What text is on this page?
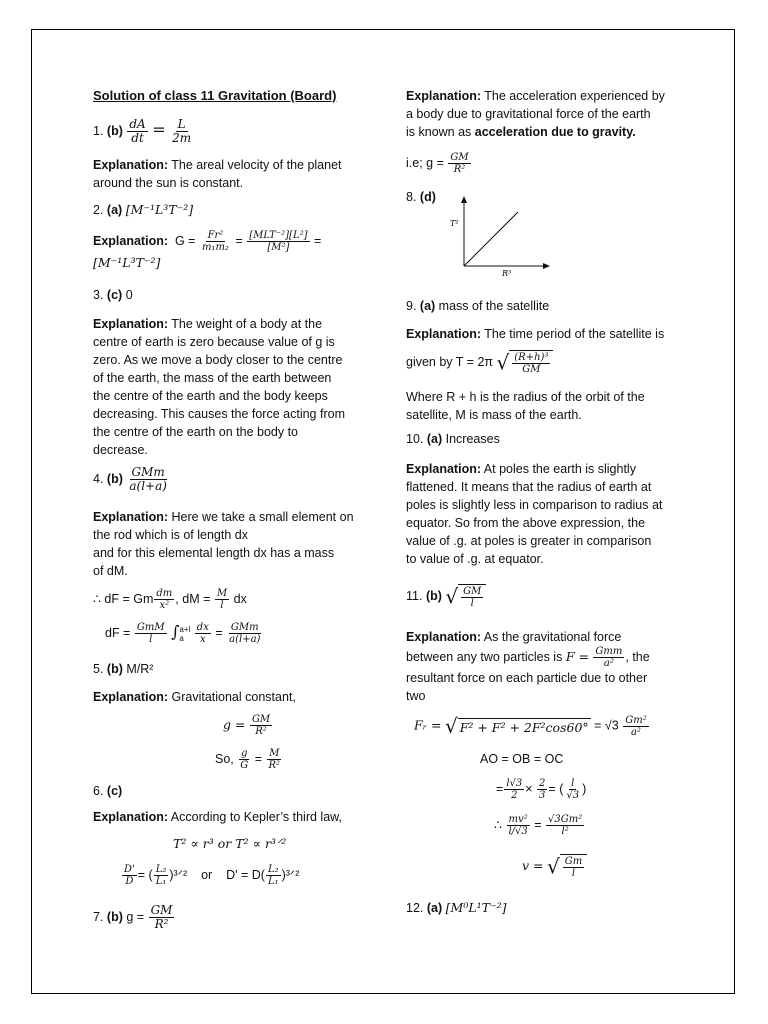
Solution of class 11 Gravitation (Board)
1. $(b) \frac{dA}{dt} = \frac{L}{2m}$

Explanation: The areal velocity of the planet

around the sun is constant.

2. (a) [M⁻¹L³T⁻²]
Explanation: $G = \frac{\text{Fr²}}{\text{m₁m₂}} = \frac{\text{[MLT⁻²][L²]}}{\text{[M²]}}$ =
[M⁻¹L³T⁻²]
3. (c) 0

Explanation: The weight of a body at the

centre of earth is zero because value of g is

zero. As we move a body closer to the centre

of the earth, the mass of the earth between

the centre of the earth and the body keeps

decreasing. This causes the force acting from

the centre of the earth on the body to

decrease.

4. $(b) \frac{\text{GMm}}{a(l+a)}$

Explanation: Here we take a small element on

the rod which is of length dx

and for this elemental length dx has a mass

of dM.

∴ dF = Gm $\frac{dm}{\text{x²}}$ , dM = $\frac{M}{l}$ dx
dF = $\frac{\text{GmM}}{l}$ ∫ a+l
a
	$\frac{dx}{x} = \frac{\text{GMm}}{a(l+a)}$
5. (b) M/R²
Explanation: Gravitational constant,
$g = \frac{GM}{\text{R²}}$
So, $\frac{g}{G} = \frac{M}{\text{R²}}$
6. (c)
Explanation: According to Kepler’s third law,
T² ∝ r³ or T² ∝ r³ᐟ²
$\frac{D'}{D}$ = ( $\frac{\text{L₂}}{\text{L₁}}$ )³ᐟ² or $D' = D( \frac{\text{L₂}}{\text{L₁}}$ )³ᐟ²
7. (b) $g = \frac{GM}{\text{R²}}$

Explanation: The acceleration experienced by

a body due to gravitational force of the earth

is known as acceleration due to gravity.

i.e; $g = \frac{GM}{\text{R²}}$
8. (d)
T²
R³
9. (a) mass of the satellite
Explanation: The time period of the satellite is
given by T = 2π √ $\frac{\text{(R+h)³}}{GM}$

Where R + h is the radius of the orbit of the

satellite, M is mass of the earth.

10. (a) Increases

Explanation: At poles the earth is slightly

flattened. It means that the radius of earth at

poles is slightly less in comparison to radius at

equator. So from the above expression, the

value of .g. at poles is greater in comparison

to value of .g. at equator.

11. (b) √ $\frac{GM}{l}$

Explanation: As the gravitational force

between any two particles is $F = \frac{\text{Gmm}}{\text{a²}}$ , the

resultant force on each particle due to other

two

Fᵣ = √ $F^2 + F^2 + 2F^2\cos 60^\circ = √3 \frac{\text{Gm²}}{\text{a²}}$
AO = OB = OC
= $\frac{l√3}{2} \times \frac{2}{3}$ = ( $\frac{l}{√3}$ )
∴ $\frac{\text{mv²}}{l/√3} = \frac{\text{√3Gm²}}{\text{l²}}$
v = √ $\frac{Gm}{l}$
12. (a) [M⁰L¹T⁻²]
